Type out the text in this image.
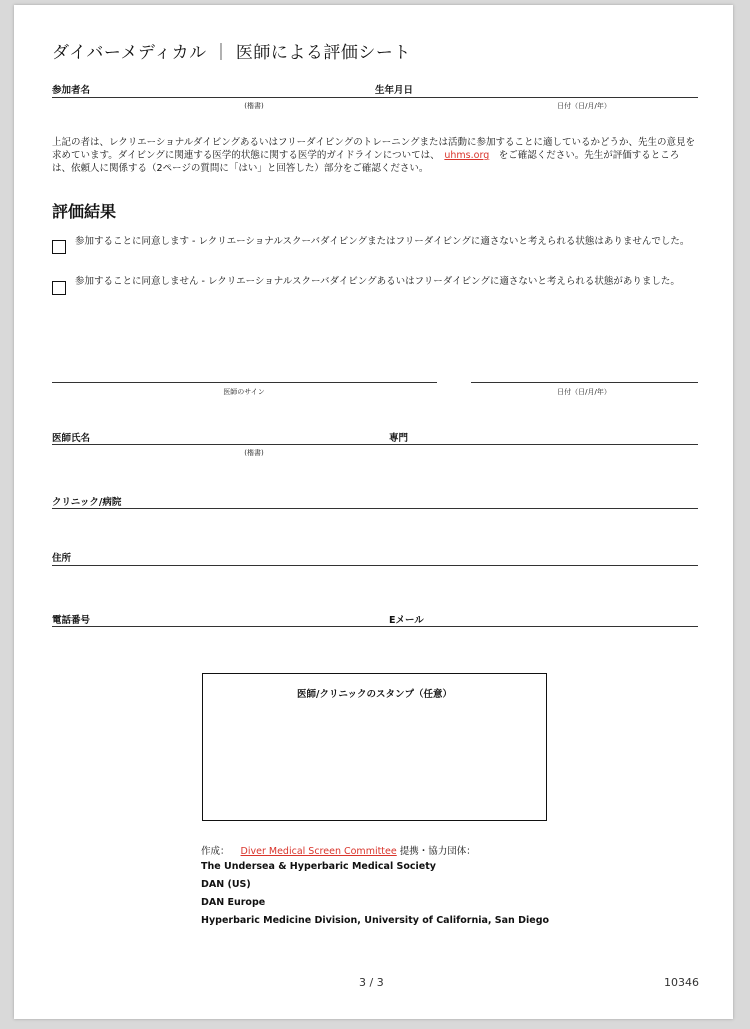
ダイバーメディカル ｜ 医師による評価シート
参加者名	生年月日
(楷書)	日付（日/月/年）
上記の者は、レクリエーショナルダイビングあるいはフリーダイビングのトレーニングまたは活動に参加することに適しているかどうか、先生の意見を求めています。ダイビングに関連する医学的状態に関する医学的ガイドラインについては、　 uhms.org　 をご確認ください。先生が評価するところは、依頼人に関係する（2ページの質問に「はい」と回答した）部分をご確認ください。
評価結果
参加することに同意します - レクリエーショナルスクーバダイビングまたはフリーダイビングに適さないと考えられる状態はありませんでした。
参加することに同意しません - レクリエーショナルスクーバダイビングあるいはフリーダイビングに適さないと考えられる状態がありました。
医師のサイン	日付（日/月/年）
医師氏名	専門
(楷書)
クリニック/病院
住所
電話番号	Eメール
医師/クリニックのスタンプ（任意）
作成： Diver Medical Screen Committee 提携・協力団体：
The Undersea & Hyperbaric Medical Society
DAN (US)
DAN Europe
Hyperbaric Medicine Division, University of California, San Diego
3 / 3	10346
